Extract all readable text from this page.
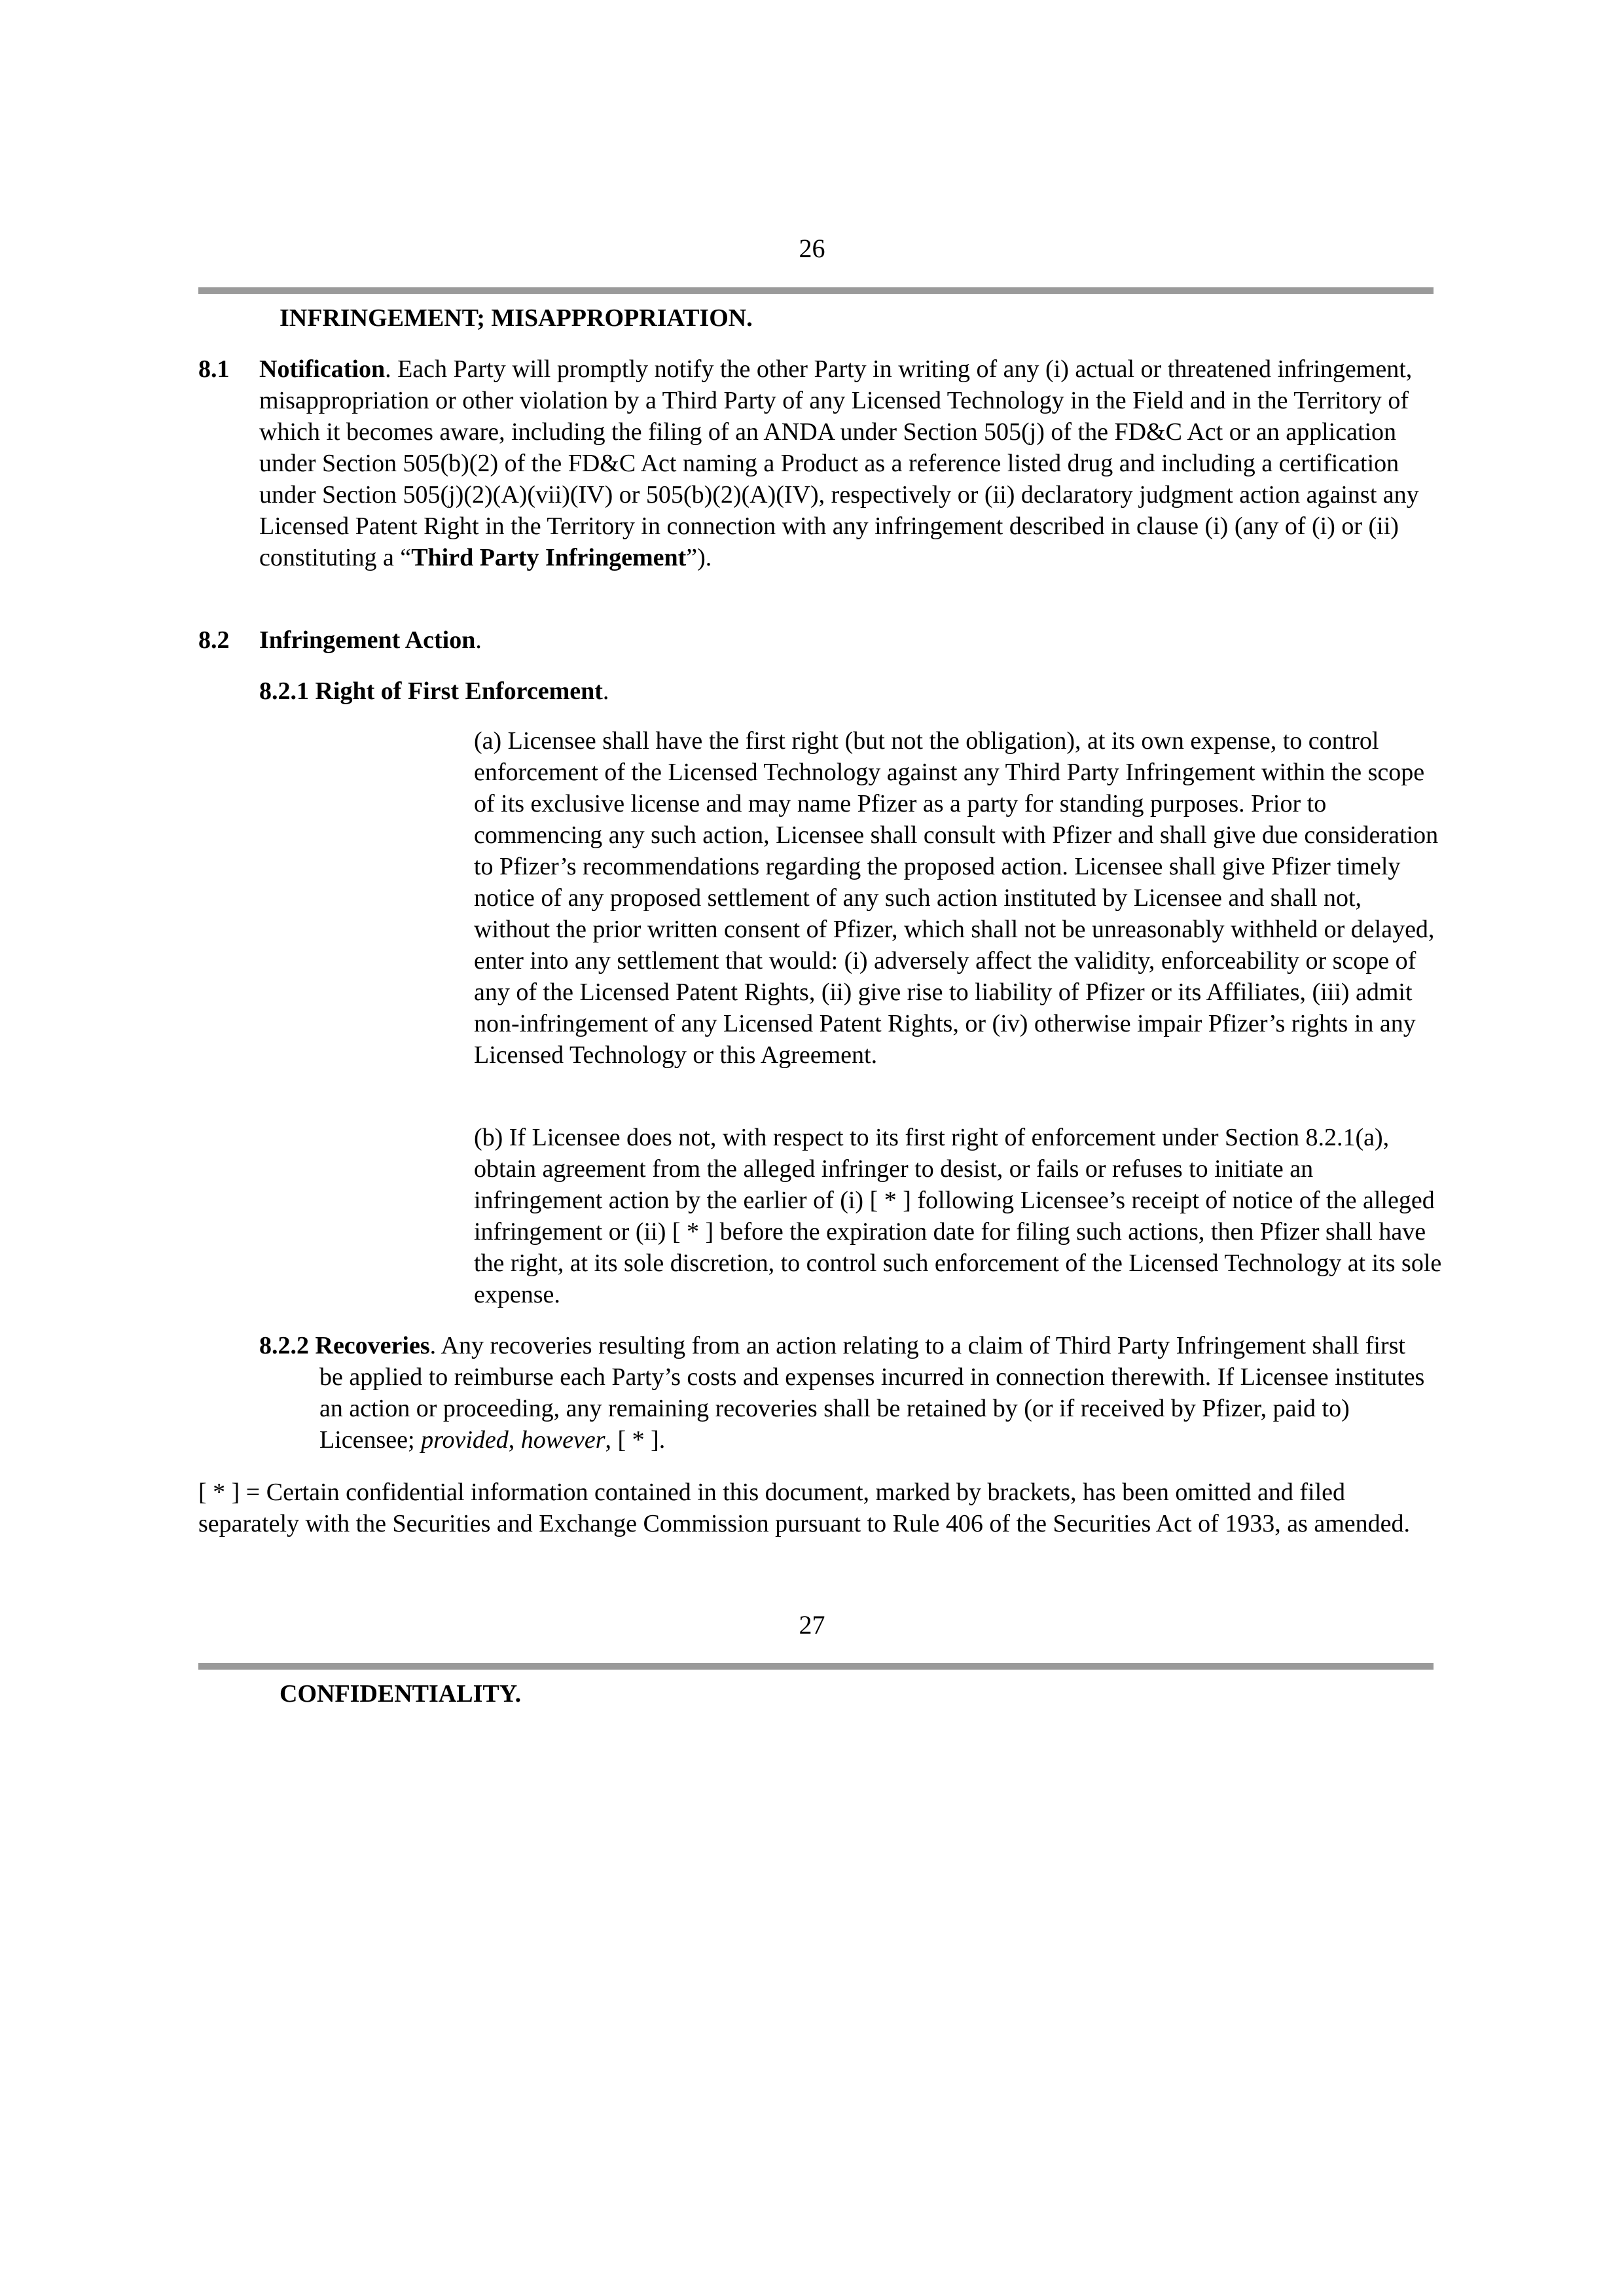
26
INFRINGEMENT; MISAPPROPRIATION.
8.1 Notification. Each Party will promptly notify the other Party in writing of any (i) actual or threatened infringement, misappropriation or other violation by a Third Party of any Licensed Technology in the Field and in the Territory of which it becomes aware, including the filing of an ANDA under Section 505(j) of the FD&C Act or an application under Section 505(b)(2) of the FD&C Act naming a Product as a reference listed drug and including a certification under Section 505(j)(2)(A)(vii)(IV) or 505(b)(2)(A)(IV), respectively or (ii) declaratory judgment action against any Licensed Patent Right in the Territory in connection with any infringement described in clause (i) (any of (i) or (ii) constituting a “Third Party Infringement”).

8.2 Infringement Action.
8.2.1 Right of First Enforcement.

(a) Licensee shall have the first right (but not the obligation), at its own expense, to control enforcement of the Licensed Technology against any Third Party Infringement within the scope of its exclusive license and may name Pfizer as a party for standing purposes. Prior to commencing any such action, Licensee shall consult with Pfizer and shall give due consideration to Pfizer’s recommendations regarding the proposed action. Licensee shall give Pfizer timely notice of any proposed settlement of any such action instituted by Licensee and shall not, without the prior written consent of Pfizer, which shall not be unreasonably withheld or delayed, enter into any settlement that would: (i) adversely affect the validity, enforceability or scope of any of the Licensed Patent Rights, (ii) give rise to liability of Pfizer or its Affiliates, (iii) admit non-infringement of any Licensed Patent Rights, or (iv) otherwise impair Pfizer’s rights in any Licensed Technology or this Agreement.

(b) If Licensee does not, with respect to its first right of enforcement under Section 8.2.1(a), obtain agreement from the alleged infringer to desist, or fails or refuses to initiate an infringement action by the earlier of (i) [ * ] following Licensee’s receipt of notice of the alleged infringement or (ii) [ * ] before the expiration date for filing such actions, then Pfizer shall have the right, at its sole discretion, to control such enforcement of the Licensed Technology at its sole expense.

8.2.2 Recoveries. Any recoveries resulting from an action relating to a claim of Third Party Infringement shall first be applied to reimburse each Party’s costs and expenses incurred in connection therewith. If Licensee institutes an action or proceeding, any remaining recoveries shall be retained by (or if received by Pfizer, paid to) Licensee; provided, however, [ * ].

[ * ] = Certain confidential information contained in this document, marked by brackets, has been omitted and filed separately with the Securities and Exchange Commission pursuant to Rule 406 of the Securities Act of 1933, as amended.

27
CONFIDENTIALITY.
